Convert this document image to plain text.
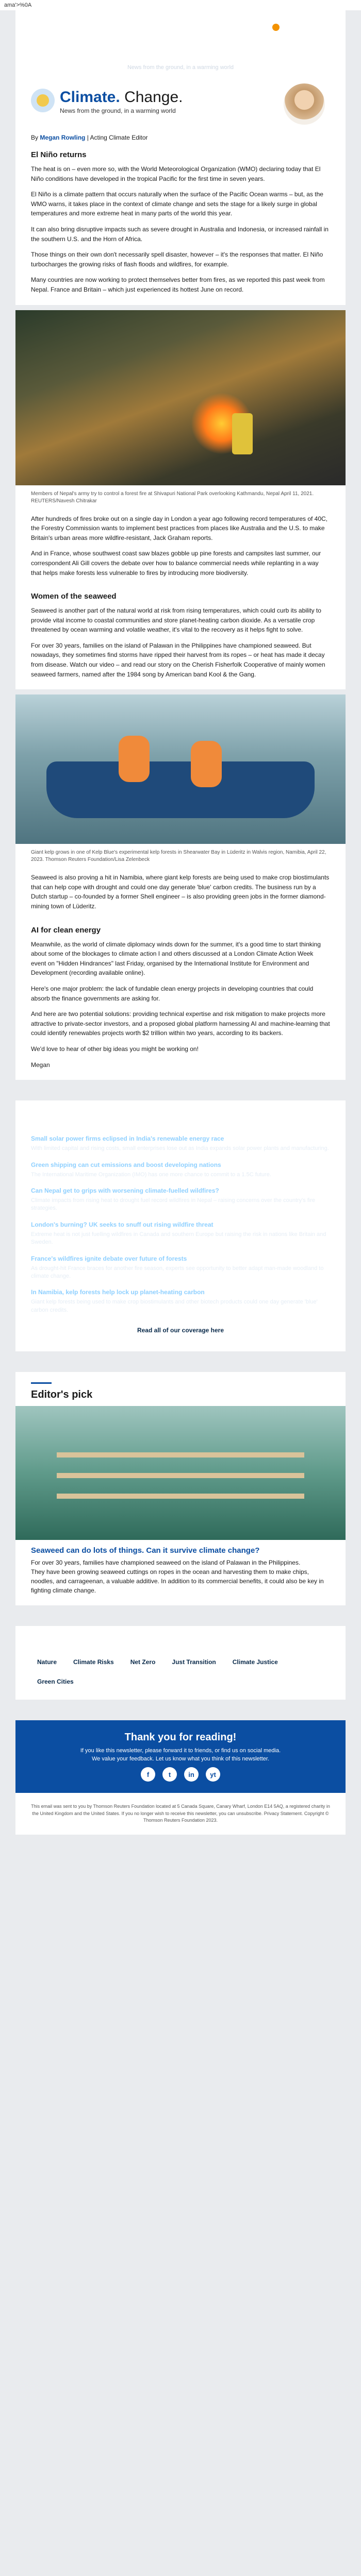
ama'>%0A
View online Subscribe now	THOMSON REUTERS
FOUNDATION
Context

News from the ground, in a warming world

Climate. Change.
News from the ground, in a warming world
By Megan Rowling | Acting Climate Editor
El Niño returns

The heat is on – even more so, with the World Meteorological Organization (WMO) declaring today that El Niño conditions have developed in the tropical Pacific for the first time in seven years.

El Niño is a climate pattern that occurs naturally when the surface of the Pacific Ocean warms – but, as the WMO warns, it takes place in the context of climate change and sets the stage for a likely surge in global temperatures and more extreme heat in many parts of the world this year.

It can also bring disruptive impacts such as severe drought in Australia and Indonesia, or increased rainfall in the southern U.S. and the Horn of Africa.

Those things on their own don't necessarily spell disaster, however – it's the responses that matter. El Niño turbocharges the growing risks of flash floods and wildfires, for example.

Many countries are now working to protect themselves better from fires, as we reported this past week from Nepal. France and Britain – which just experienced its hottest June on record.

Members of Nepal's army try to control a forest fire at Shivapuri National Park overlooking Kathmandu, Nepal April 11, 2021. REUTERS/Navesh Chitrakar

After hundreds of fires broke out on a single day in London a year ago following record temperatures of 40C, the Forestry Commission wants to implement best practices from places like Australia and the U.S. to make Britain's urban areas more wildfire-resistant, Jack Graham reports.

And in France, whose southwest coast saw blazes gobble up pine forests and campsites last summer, our correspondent Ali Gill covers the debate over how to balance commercial needs while replanting in a way that helps make forests less vulnerable to fires by introducing more biodiversity.

Women of the seaweed

Seaweed is another part of the natural world at risk from rising temperatures, which could curb its ability to provide vital income to coastal communities and store planet-heating carbon dioxide. As a versatile crop threatened by ocean warming and volatile weather, it's vital to the recovery as it helps fight to solve.

For over 30 years, families on the island of Palawan in the Philippines have championed seaweed. But nowadays, they sometimes find storms have ripped their harvest from its ropes – or heat has made it decay from disease. Watch our video – and read our story on the Cherish Fisherfolk Cooperative of mainly women seaweed farmers, named after the 1984 song by American band Kool & the Gang.

Giant kelp grows in one of Kelp Blue's experimental kelp forests in Shearwater Bay in Lüderitz in Walvis region, Namibia, April 22, 2023. Thomson Reuters Foundation/Lisa Zelenbeck

Seaweed is also proving a hit in Namibia, where giant kelp forests are being used to make crop biostimulants that can help cope with drought and could one day generate 'blue' carbon credits. The business run by a Dutch startup – co-founded by a former Shell engineer – is also providing green jobs in the former diamond-mining town of Lüderitz.

AI for clean energy

Meanwhile, as the world of climate diplomacy winds down for the summer, it's a good time to start thinking about some of the blockages to climate action I and others discussed at a London Climate Action Week event on "Hidden Hindrances" last Friday, organised by the International Institute for Environment and Development (recording available online).

Here's one major problem: the lack of fundable clean energy projects in developing countries that could absorb the finance governments are asking for.

And here are two potential solutions: providing technical expertise and risk mitigation to make projects more attractive to private-sector investors, and a proposed global platform harnessing AI and machine-learning that could identify renewables projects worth $2 trillion within two years, according to its backers.

We'd love to hear of other big ideas you might be working on!

Megan

This week's top picks
Small solar power firms eclipsed in India's renewable energy race

With limited capital and rising costs, small enterprises lose out as India expands solar power plants and manufacturing.

Green shipping can cut emissions and boost developing nations

The International Maritime Organization (IMO) has one more chance to commit to a 1.5C future.

Can Nepal get to grips with worsening climate-fuelled wildfires?

Climate impacts from rising heat to drought fuel record wildfires in Nepal – raising concerns over the country's fire strategies.

London's burning? UK seeks to snuff out rising wildfire threat

Extreme heat is not just fuelling wildfires in Canada and southern Europe but raising the risk in nations like Britain and Sweden.

France's wildfires ignite debate over future of forests

As drought-hit France braces for another fire season, experts see opportunity to better adapt man-made woodland to climate change.

In Namibia, kelp forests help lock up planet-heating carbon

Giant kelp forests being used to make crop biostimulants and other biotech products could one day generate 'blue' carbon credits.

Read all of our coverage here
Editor's pick
Seaweed can do lots of things. Can it survive climate change?

For over 30 years, families have championed seaweed on the island of Palawan in the Philippines.

They have been growing seaweed cuttings on ropes in the ocean and harvesting them to make chips, noodles, and carrageenan, a valuable additive. In addition to its commercial benefits, it could also be key in fighting climate change.

Discover more
Nature	Climate Risks	Net Zero	Just Transition	Climate Justice
Green Cities
Thank you for reading!

If you like this newsletter, please forward it to friends, or find us on social media.

We value your feedback. Let us know what you think of this newsletter.

f	t	in	yt
This email was sent to you by Thomson Reuters Foundation located at 5 Canada Square, Canary Wharf, London E14 5AQ, a registered charity in the United Kingdom and the United States. If you no longer wish to receive this newsletter, you can unsubscribe. Privacy Statement. Copyright © Thomson Reuters Foundation 2023.
